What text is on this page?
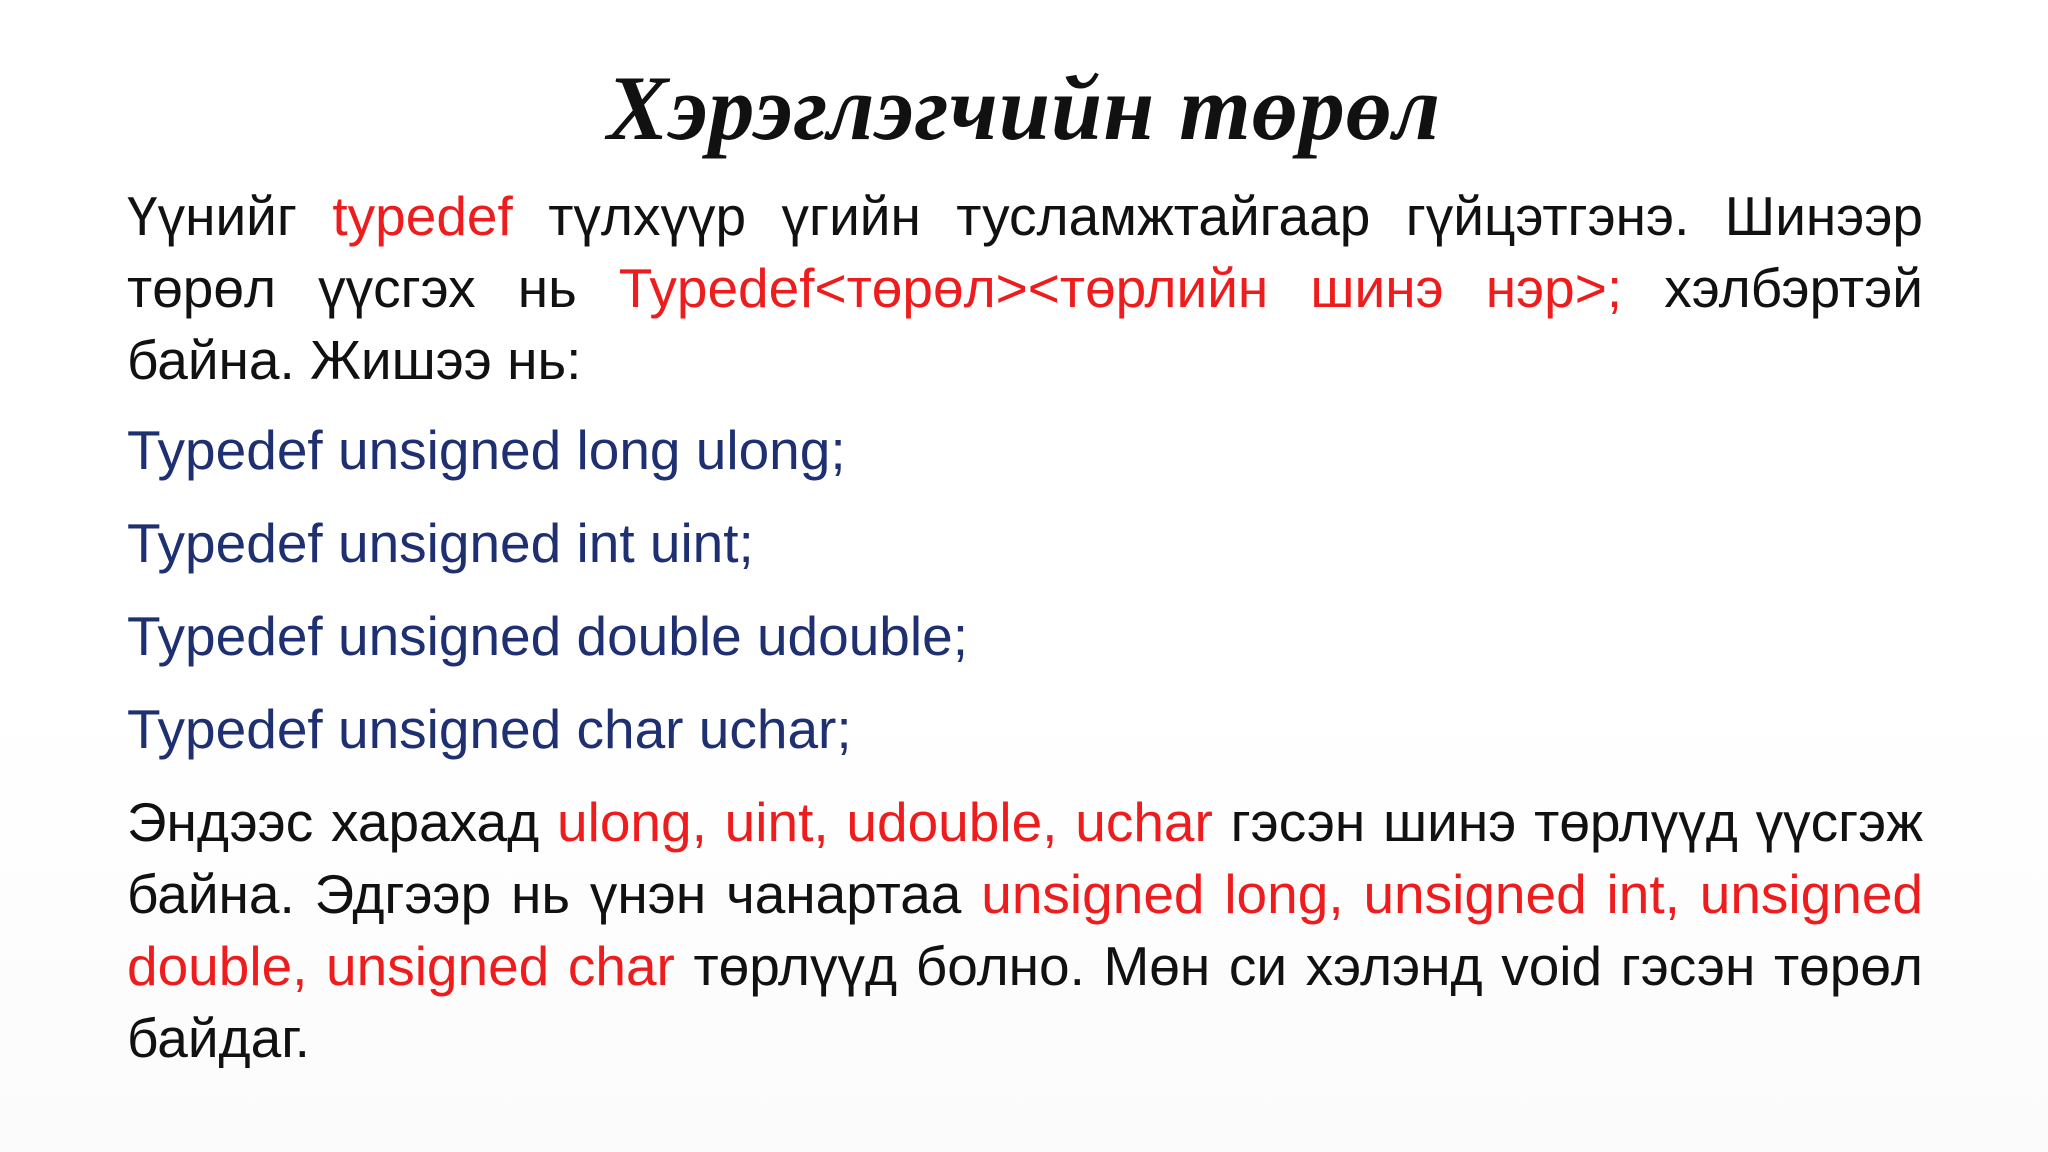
Хэрэглэгчийн төрөл

Үүнийг typedef түлхүүр үгийн тусламжтайгаар гүйцэтгэнэ. Шинээр төрөл үүсгэх нь Typedef<төрөл><төрлийн шинэ нэр>; хэлбэртэй байна. Жишээ нь:

Typedef unsigned long ulong;

Typedef unsigned int uint;

Typedef unsigned double udouble;

Typedef unsigned char uchar;

Эндээс харахад ulong, uint, udouble, uchar гэсэн шинэ төрлүүд үүсгэж байна. Эдгээр нь үнэн чанартаа unsigned long, unsigned int, unsigned double, unsigned char төрлүүд болно. Мөн си хэлэнд void гэсэн төрөл байдаг.
